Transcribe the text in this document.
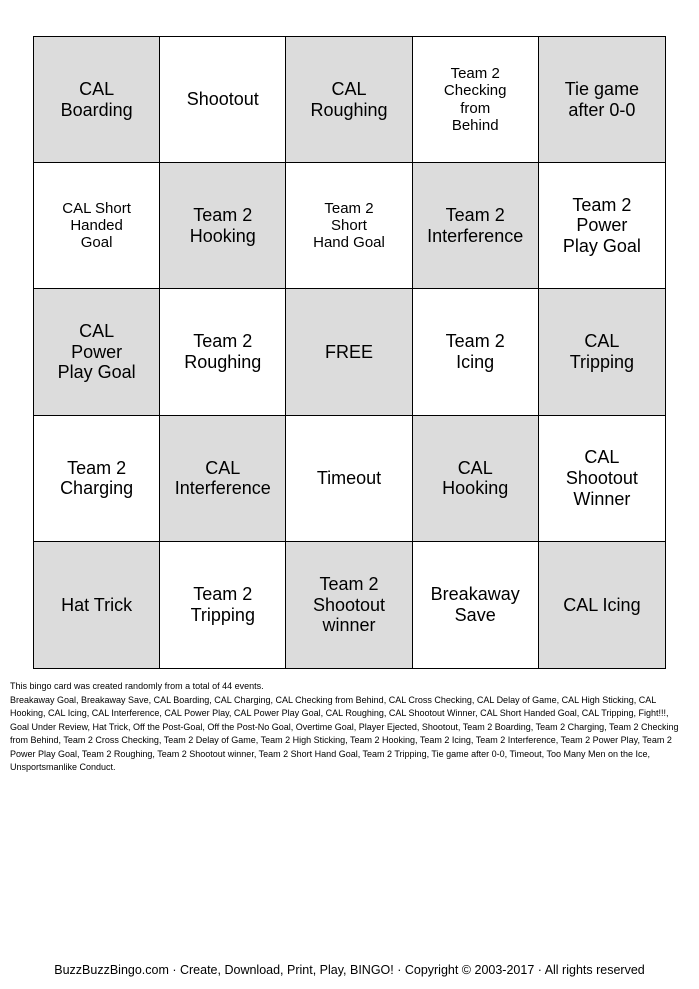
CAL
Boarding
Shootout
CAL
Roughing
Team 2
Checking
from
Behind
Tie game
after 0-0
CAL Short
Handed
Goal
Team 2
Hooking
Team 2
Short
Hand Goal
Team 2
Interference
Team 2
Power
Play Goal
CAL
Power
Play Goal
Team 2
Roughing
FREE
Team 2
Icing
CAL
Tripping
Team 2
Charging
CAL
Interference
Timeout
CAL
Hooking
CAL
Shootout
Winner
Hat Trick
Team 2
Tripping
Team 2
Shootout
winner
Breakaway
Save
CAL Icing

This bingo card was created randomly from a total of 44 events.

Breakaway Goal, Breakaway Save, CAL Boarding, CAL Charging, CAL Checking from Behind, CAL Cross Checking, CAL Delay of Game, CAL High Sticking, CAL Hooking, CAL Icing, CAL Interference, CAL Power Play, CAL Power Play Goal, CAL Roughing, CAL Shootout Winner, CAL Short Handed Goal, CAL Tripping, Fight!!!, Goal Under Review, Hat Trick, Off the Post-Goal, Off the Post-No Goal, Overtime Goal, Player Ejected, Shootout, Team 2 Boarding, Team 2 Charging, Team 2 Checking from Behind, Team 2 Cross Checking, Team 2 Delay of Game, Team 2 High Sticking, Team 2 Hooking, Team 2 Icing, Team 2 Interference, Team 2 Power Play, Team 2 Power Play Goal, Team 2 Roughing, Team 2 Shootout winner, Team 2 Short Hand Goal, Team 2 Tripping, Tie game after 0-0, Timeout, Too Many Men on the Ice, Unsportsmanlike Conduct.

BuzzBuzzBingo.com · Create, Download, Print, Play, BINGO! · Copyright © 2003-2017 · All rights reserved
